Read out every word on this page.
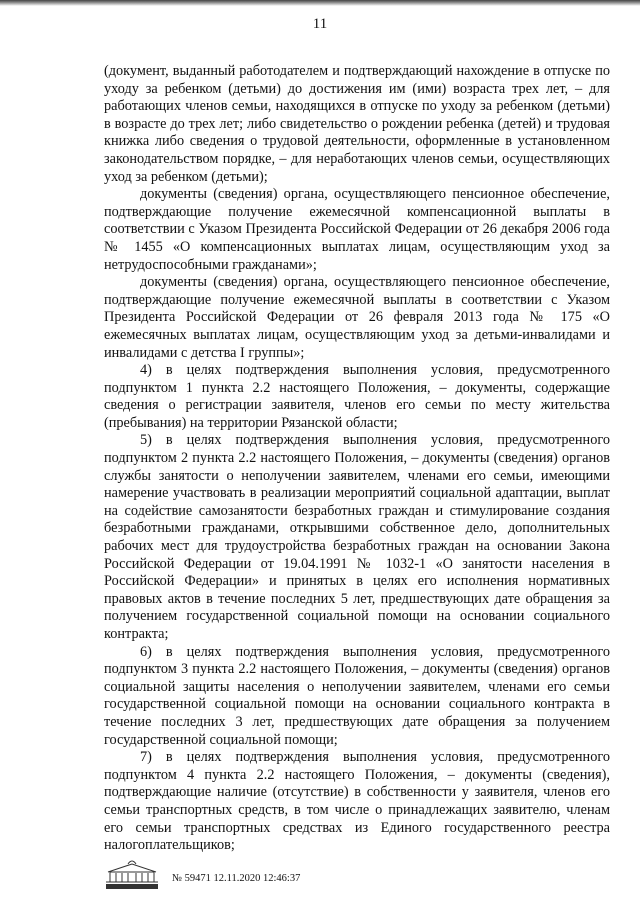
11

(документ, выданный работодателем и подтверждающий нахождение в отпуске по уходу за ребенком (детьми) до достижения им (ими) возраста трех лет, – для работающих членов семьи, находящихся в отпуске по уходу за ребенком (детьми) в возрасте до трех лет; либо свидетельство о рождении ребенка (детей) и трудовая книжка либо сведения о трудовой деятельности, оформленные в установленном законодательством порядке, – для неработающих членов семьи, осуществляющих уход за ребенком (детьми);

документы (сведения) органа, осуществляющего пенсионное обеспечение, подтверждающие получение ежемесячной компенсационной выплаты в соответствии с Указом Президента Российской Федерации от 26 декабря 2006 года № 1455 «О компенсационных выплатах лицам, осуществляющим уход за нетрудоспособными гражданами»;

документы (сведения) органа, осуществляющего пенсионное обеспечение, подтверждающие получение ежемесячной выплаты в соответствии с Указом Президента Российской Федерации от 26 февраля 2013 года № 175 «О ежемесячных выплатах лицам, осуществляющим уход за детьми-инвалидами и инвалидами с детства I группы»;

4) в целях подтверждения выполнения условия, предусмотренного подпунктом 1 пункта 2.2 настоящего Положения, – документы, содержащие сведения о регистрации заявителя, членов его семьи по месту жительства (пребывания) на территории Рязанской области;

5) в целях подтверждения выполнения условия, предусмотренного подпунктом 2 пункта 2.2 настоящего Положения, – документы (сведения) органов службы занятости о неполучении заявителем, членами его семьи, имеющими намерение участвовать в реализации мероприятий социальной адаптации, выплат на содействие самозанятости безработных граждан и стимулирование создания безработными гражданами, открывшими собственное дело, дополнительных рабочих мест для трудоустройства безработных граждан на основании Закона Российской Федерации от 19.04.1991 № 1032-1 «О занятости населения в Российской Федерации» и принятых в целях его исполнения нормативных правовых актов в течение последних 5 лет, предшествующих дате обращения за получением государственной социальной помощи на основании социального контракта;

6) в целях подтверждения выполнения условия, предусмотренного подпунктом 3 пункта 2.2 настоящего Положения, – документы (сведения) органов социальной защиты населения о неполучении заявителем, членами его семьи государственной социальной помощи на основании социального контракта в течение последних 3 лет, предшествующих дате обращения за получением государственной социальной помощи;

7) в целях подтверждения выполнения условия, предусмотренного подпунктом 4 пункта 2.2 настоящего Положения, – документы (сведения), подтверждающие наличие (отсутствие) в собственности у заявителя, членов его семьи транспортных средств, в том числе о принадлежащих заявителю, членам его семьи транспортных средствах из Единого государственного реестра налогоплательщиков;

№ 59471 12.11.2020 12:46:37
